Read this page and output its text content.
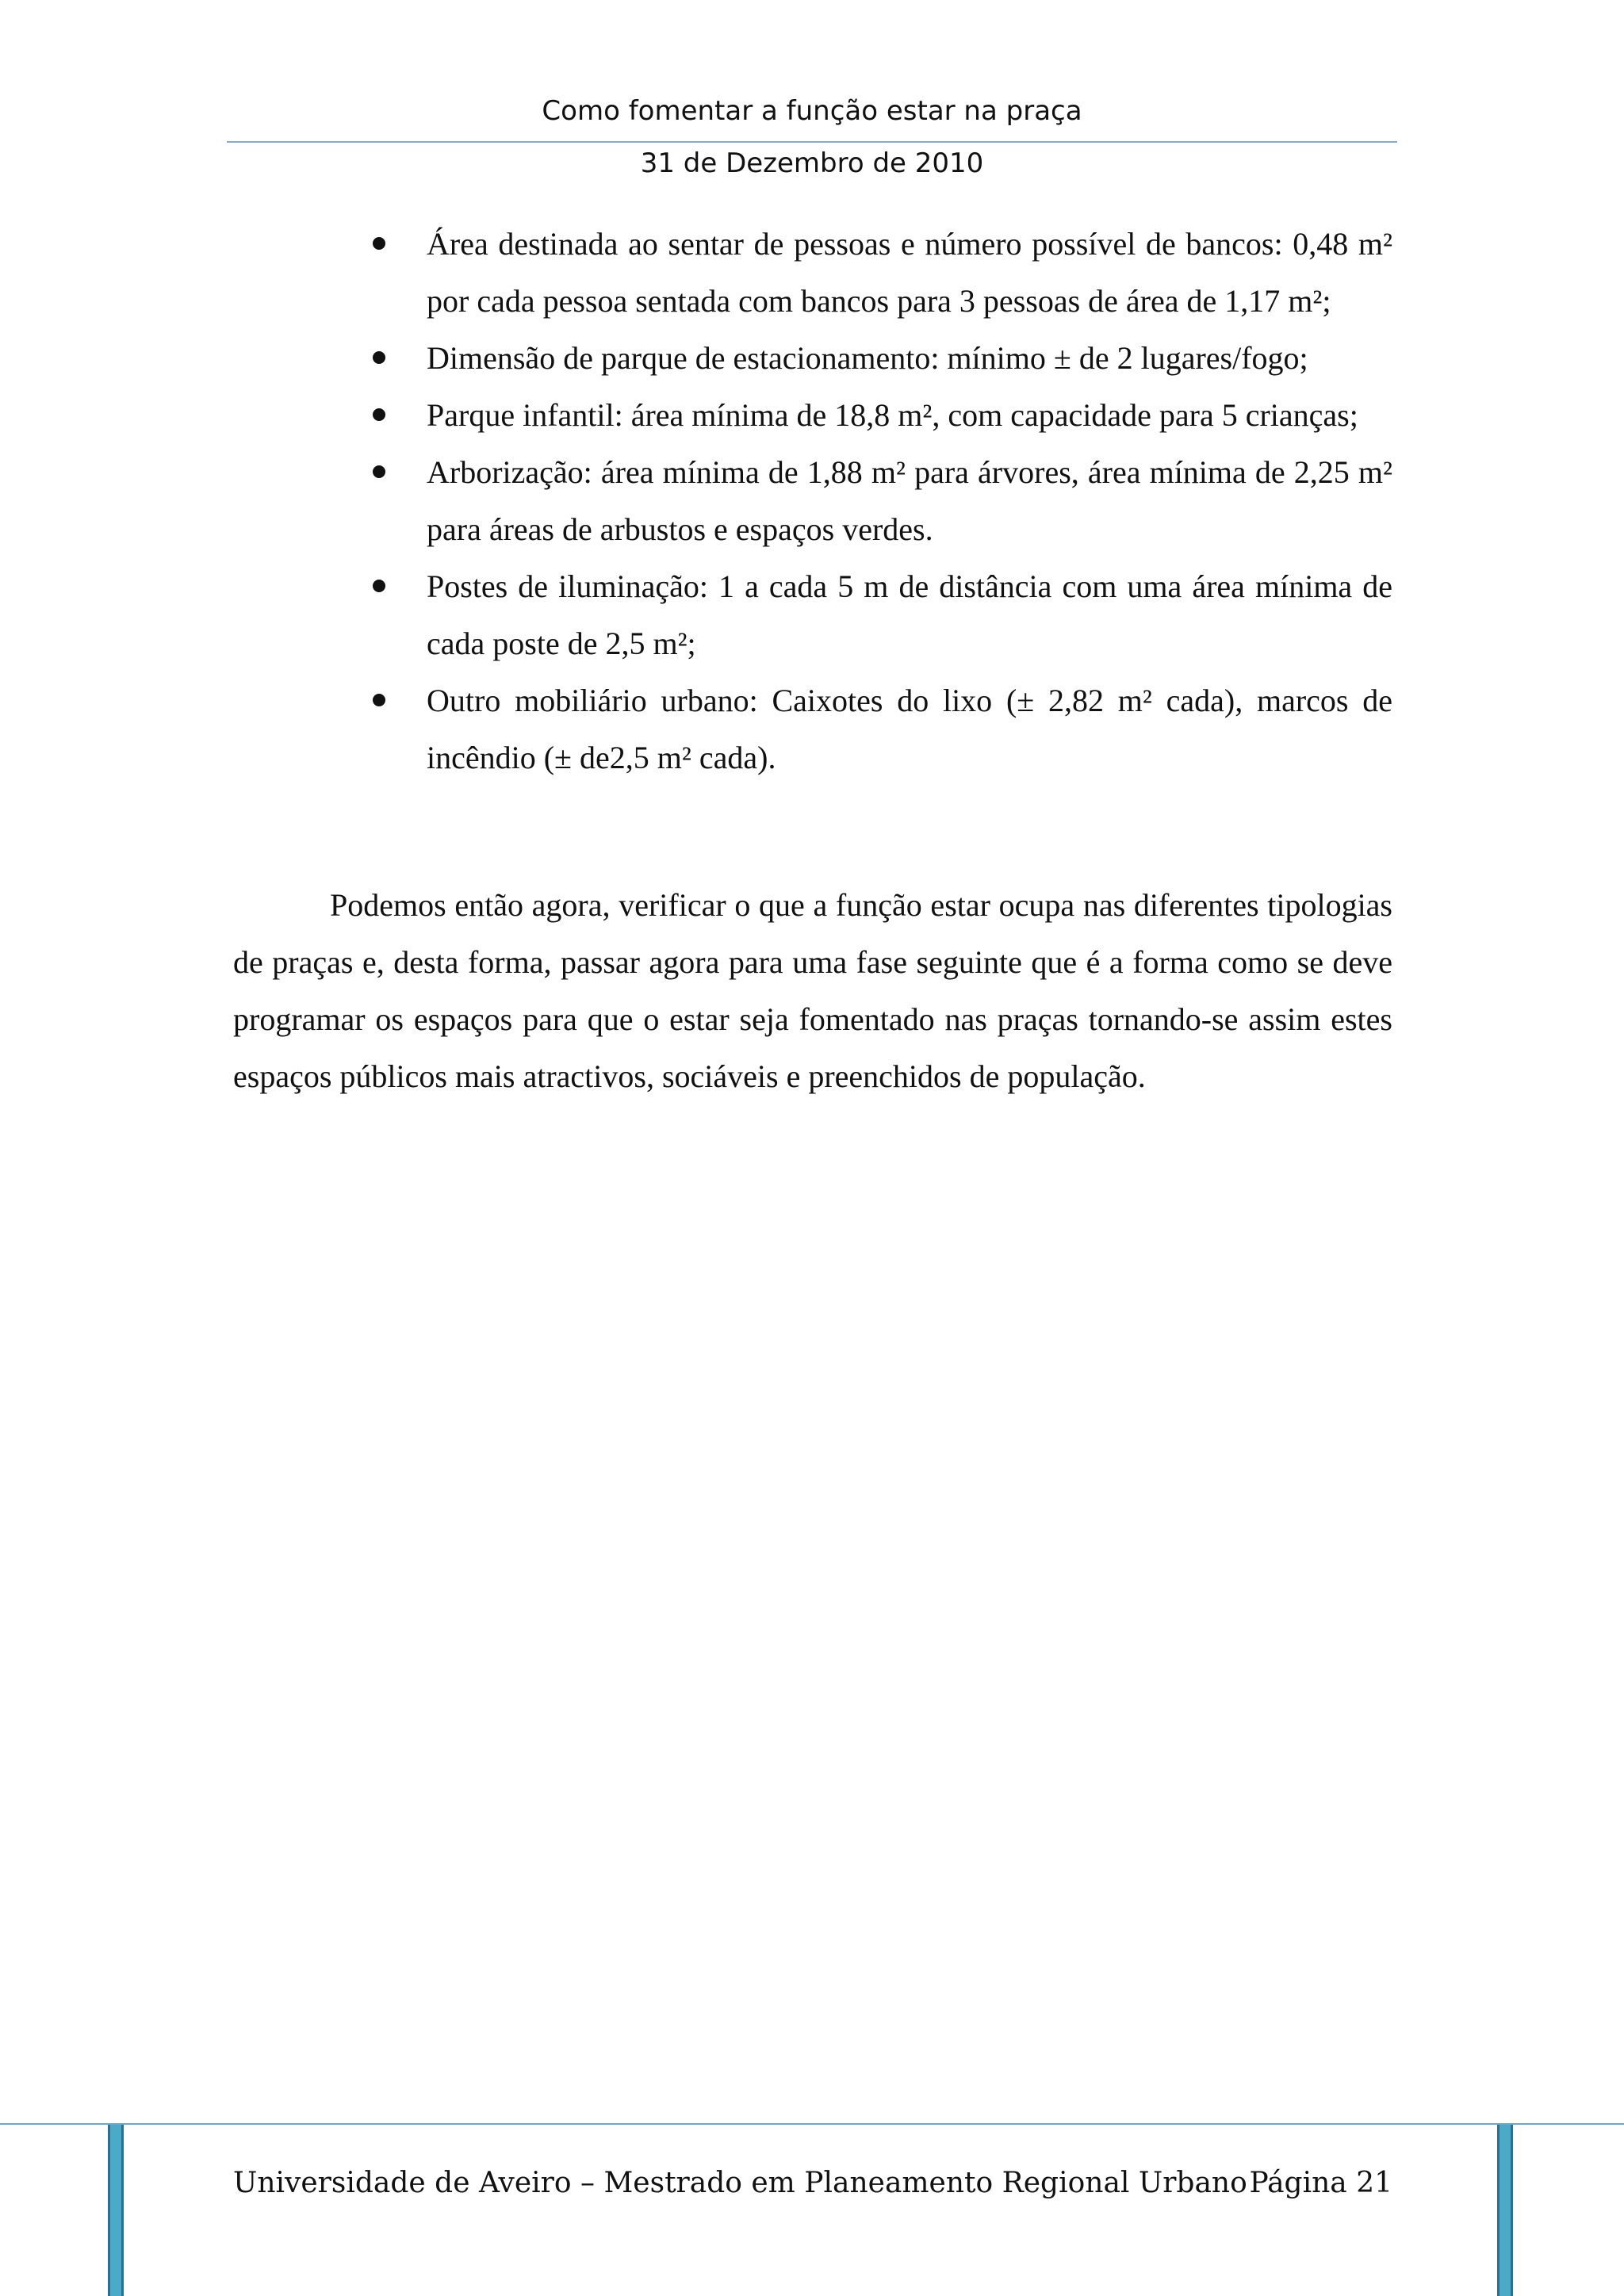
Como fomentar a função estar na praça
31 de Dezembro de 2010
Área destinada ao sentar de pessoas e número possível de bancos: 0,48 m² por cada pessoa sentada com bancos para 3 pessoas de área de 1,17 m²;
Dimensão de parque de estacionamento: mínimo ± de 2 lugares/fogo;
Parque infantil: área mínima de 18,8 m², com capacidade para 5 crianças;
Arborização: área mínima de 1,88 m² para árvores, área mínima de 2,25 m² para áreas de arbustos e espaços verdes.
Postes de iluminação: 1 a cada 5 m de distância com uma área mínima de cada poste de 2,5 m²;
Outro mobiliário urbano: Caixotes do lixo (± 2,82 m² cada), marcos de incêndio (± de2,5 m² cada).

Podemos então agora, verificar o que a função estar ocupa nas diferentes tipologias de praças e, desta forma, passar agora para uma fase seguinte que é a forma como se deve programar os espaços para que o estar seja fomentado nas praças tornando-se assim estes espaços públicos mais atractivos, sociáveis e preenchidos de população.

Universidade de Aveiro – Mestrado em Planeamento Regional Urbano Página 21
